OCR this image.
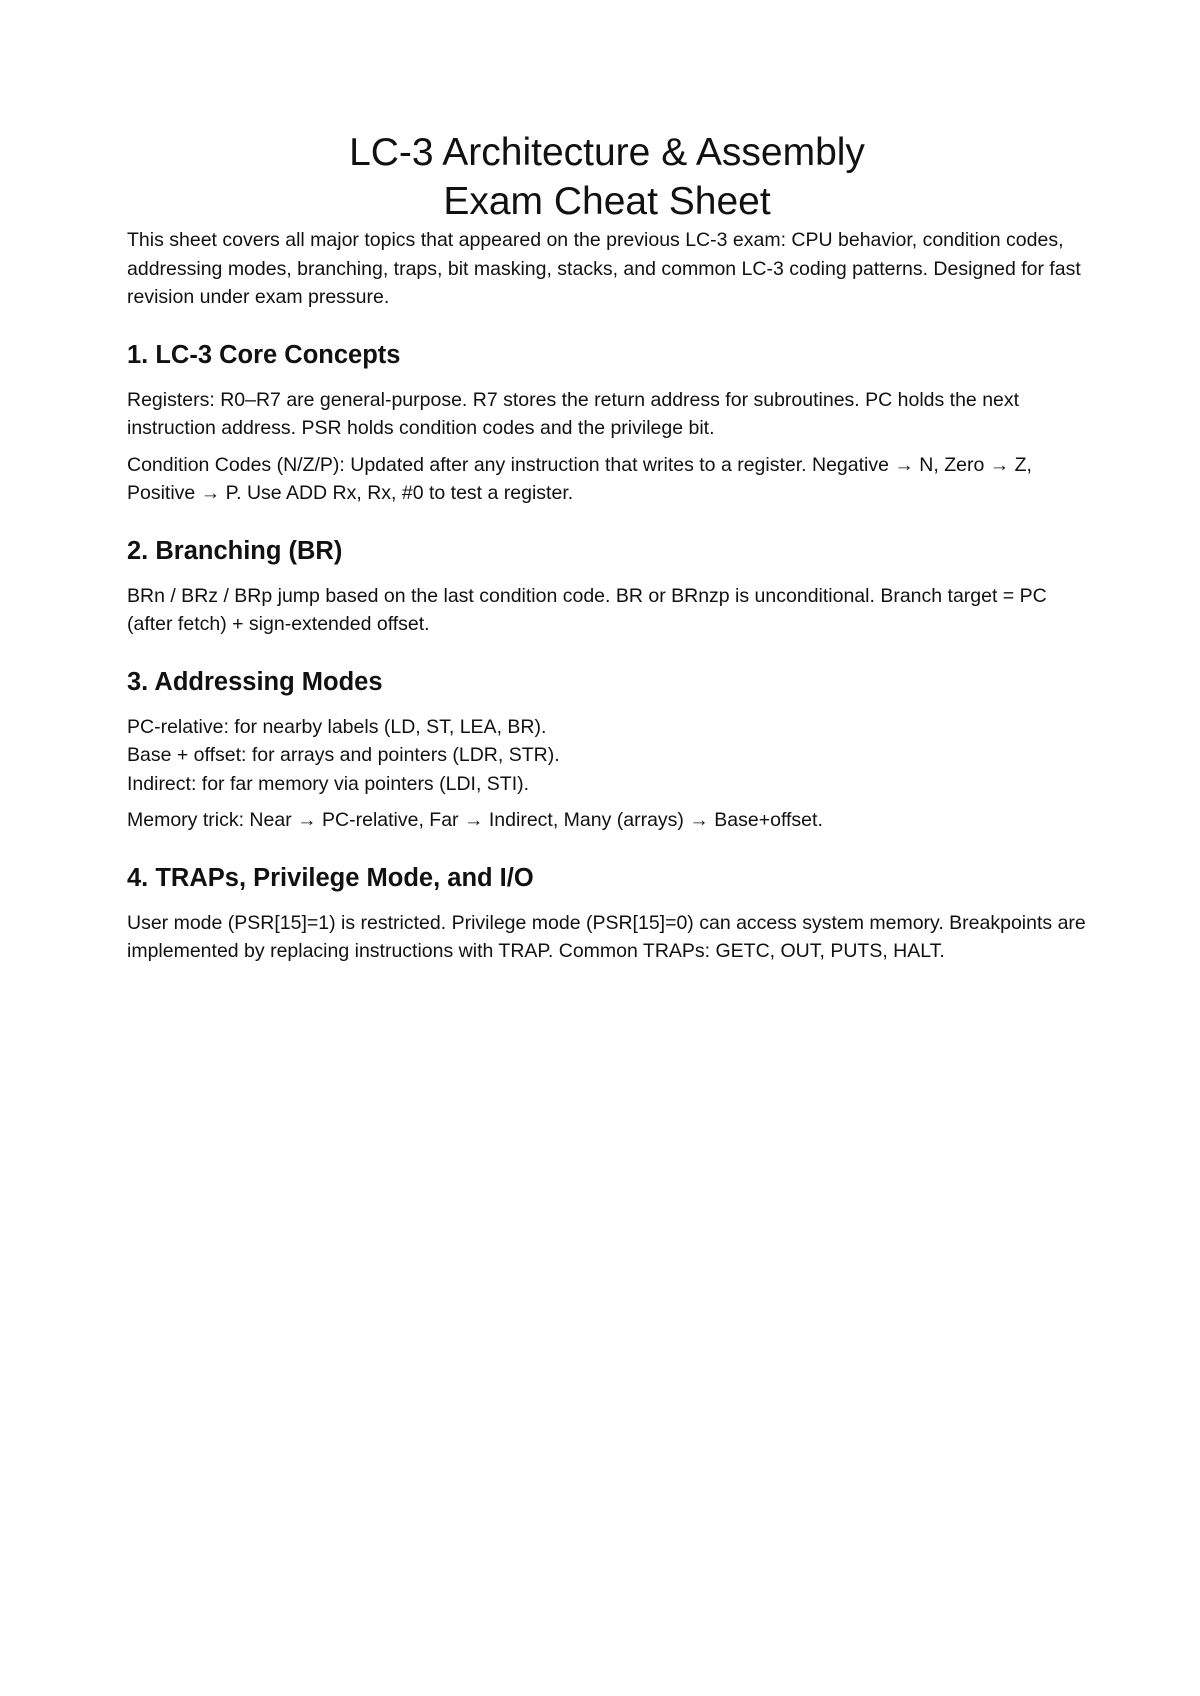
LC-3 Architecture & Assembly
Exam Cheat Sheet

This sheet covers all major topics that appeared on the previous LC-3 exam: CPU behavior, condition codes, addressing modes, branching, traps, bit masking, stacks, and common LC-3 coding patterns. Designed for fast revision under exam pressure.

1. LC-3 Core Concepts

Registers: R0–R7 are general-purpose. R7 stores the return address for subroutines. PC holds the next instruction address. PSR holds condition codes and the privilege bit.

Condition Codes (N/Z/P): Updated after any instruction that writes to a register. Negative → N, Zero → Z, Positive → P. Use ADD Rx, Rx, #0 to test a register.

2. Branching (BR)

BRn / BRz / BRp jump based on the last condition code. BR or BRnzp is unconditional. Branch target = PC (after fetch) + sign-extended offset.

3. Addressing Modes
PC-relative: for nearby labels (LD, ST, LEA, BR).
Base + offset: for arrays and pointers (LDR, STR).
Indirect: for far memory via pointers (LDI, STI).

Memory trick: Near → PC-relative, Far → Indirect, Many (arrays) → Base+offset.

4. TRAPs, Privilege Mode, and I/O

User mode (PSR[15]=1) is restricted. Privilege mode (PSR[15]=0) can access system memory. Breakpoints are implemented by replacing instructions with TRAP. Common TRAPs: GETC, OUT, PUTS, HALT.
